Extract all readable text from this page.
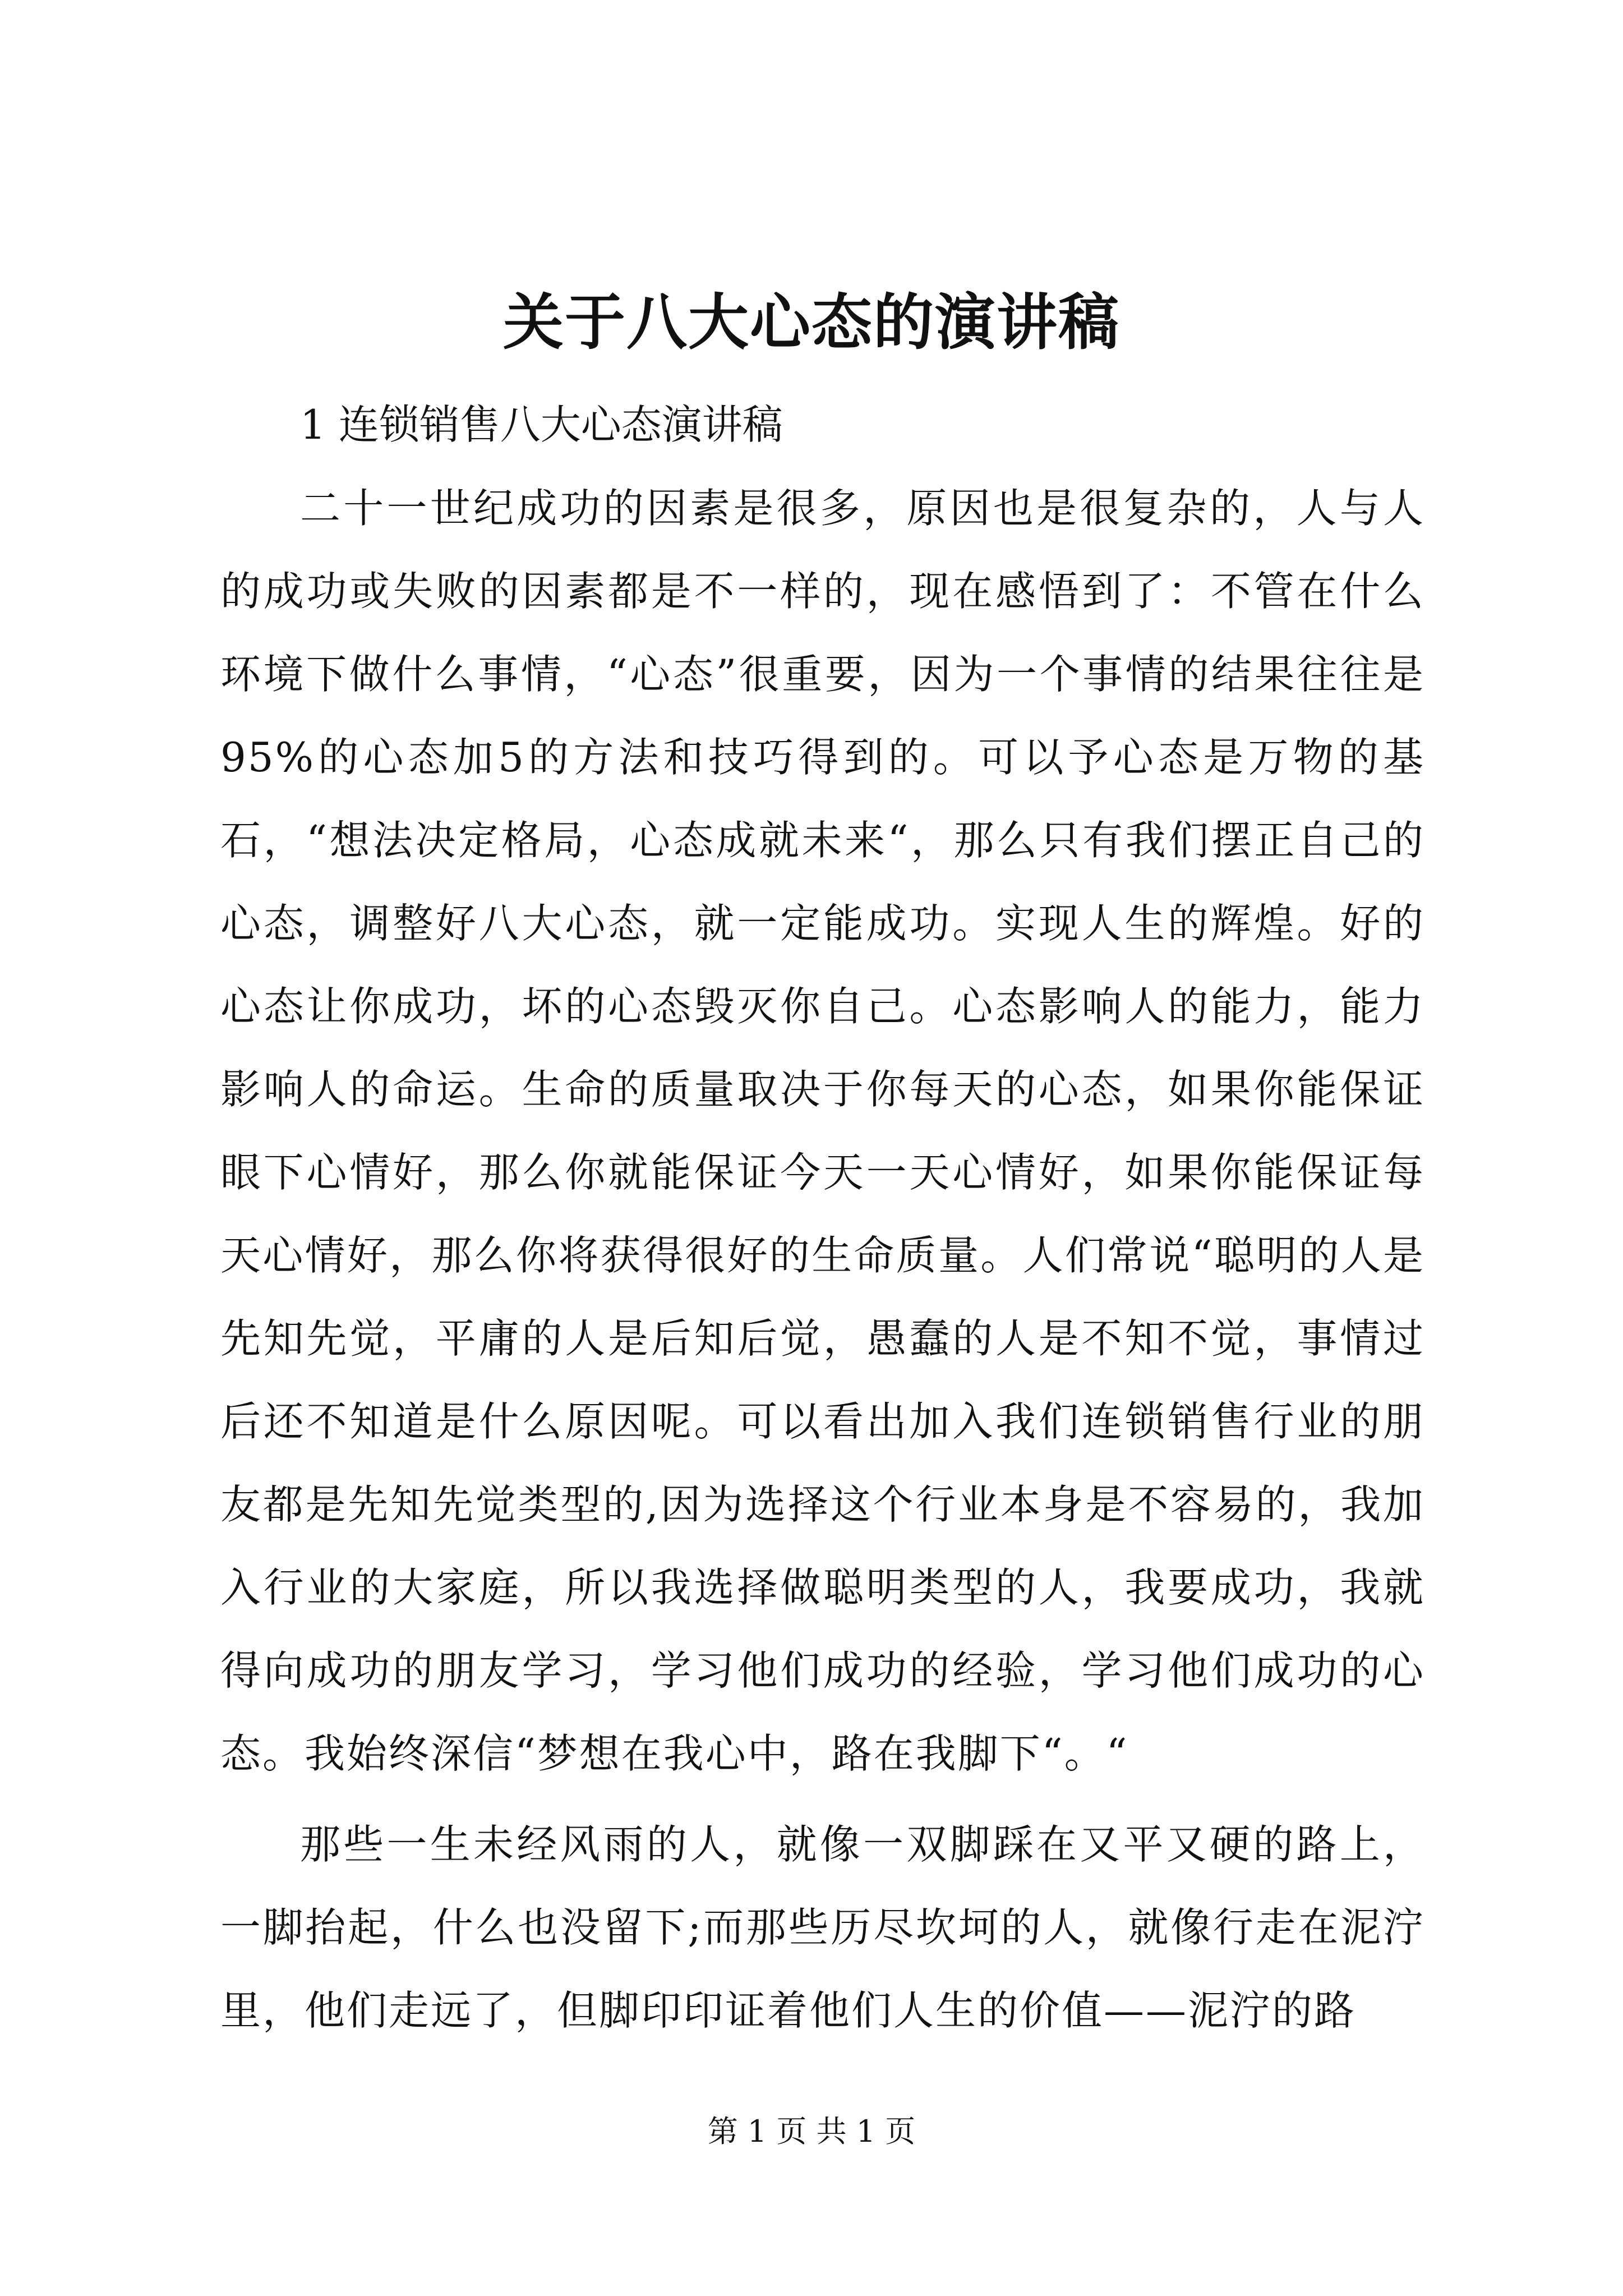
关于八大心态的演讲稿

1 连锁销售八大心态演讲稿

二十一世纪成功的因素是很多，原因也是很复杂的，人与人的成功或失败的因素都是不一样的，现在感悟到了：不管在什么环境下做什么事情，“心态”很重要，因为一个事情的结果往往是95%的心态加5的方法和技巧得到的。可以予心态是万物的基石，“想法决定格局，心态成就未来“，那么只有我们摆正自己的心态，调整好八大心态，就一定能成功。实现人生的辉煌。好的心态让你成功，坏的心态毁灭你自己。心态影响人的能力，能力影响人的命运。生命的质量取决于你每天的心态，如果你能保证眼下心情好，那么你就能保证今天一天心情好，如果你能保证每天心情好，那么你将获得很好的生命质量。人们常说“聪明的人是先知先觉，平庸的人是后知后觉，愚蠢的人是不知不觉，事情过后还不知道是什么原因呢。可以看出加入我们连锁销售行业的朋友都是先知先觉类型的,因为选择这个行业本身是不容易的，我加入行业的大家庭，所以我选择做聪明类型的人，我要成功，我就得向成功的朋友学习，学习他们成功的经验，学习他们成功的心态。我始终深信“梦想在我心中，路在我脚下“。“

那些一生未经风雨的人，就像一双脚踩在又平又硬的路上，一脚抬起，什么也没留下;而那些历尽坎坷的人，就像行走在泥泞里，他们走远了，但脚印印证着他们人生的价值——泥泞的路

第 1 页 共 1 页
